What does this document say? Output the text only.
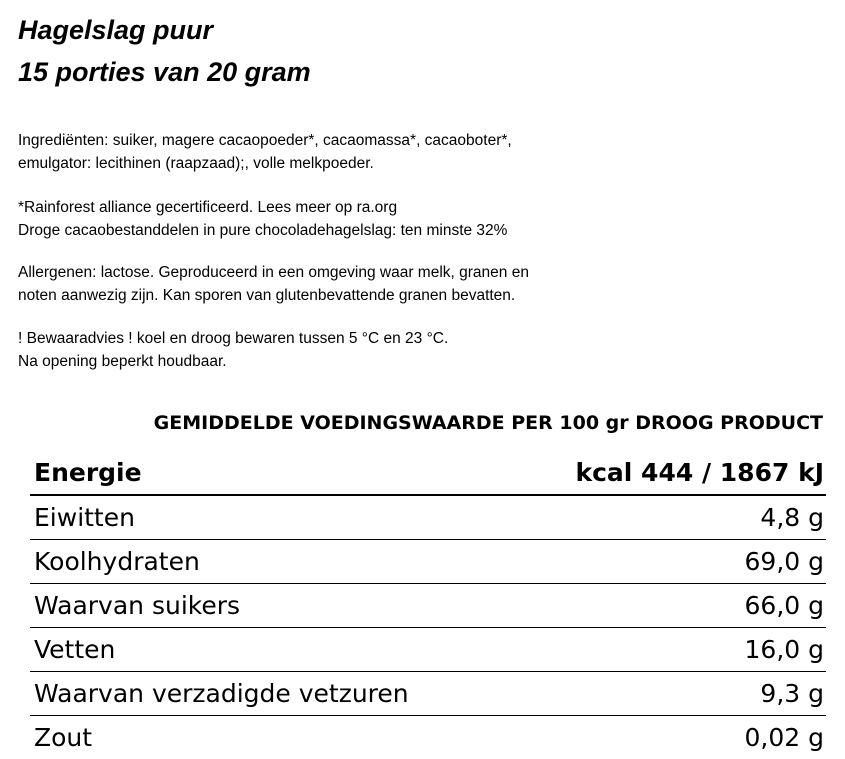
Hagelslag puur
15 porties van 20 gram

Ingrediënten: suiker, magere cacaopoeder*, cacaomassa*, cacaoboter*,
emulgator: lecithinen (raapzaad);, volle melkpoeder.

*Rainforest alliance gecertificeerd. Lees meer op ra.org
Droge cacaobestanddelen in pure chocoladehagelslag: ten minste 32%

Allergenen: lactose. Geproduceerd in een omgeving waar melk, granen en
noten aanwezig zijn. Kan sporen van glutenbevattende granen bevatten.

! Bewaaradvies ! koel en droog bewaren tussen 5 °C en 23 °C.
Na opening beperkt houdbaar.

GEMIDDELDE VOEDINGSWAARDE PER 100 gr DROOG PRODUCT
Energie	kcal 444 / 1867 kJ
Eiwitten	4,8 g
Koolhydraten	69,0 g
Waarvan suikers	66,0 g
Vetten	16,0 g
Waarvan verzadigde vetzuren	9,3 g
Zout	0,02 g
